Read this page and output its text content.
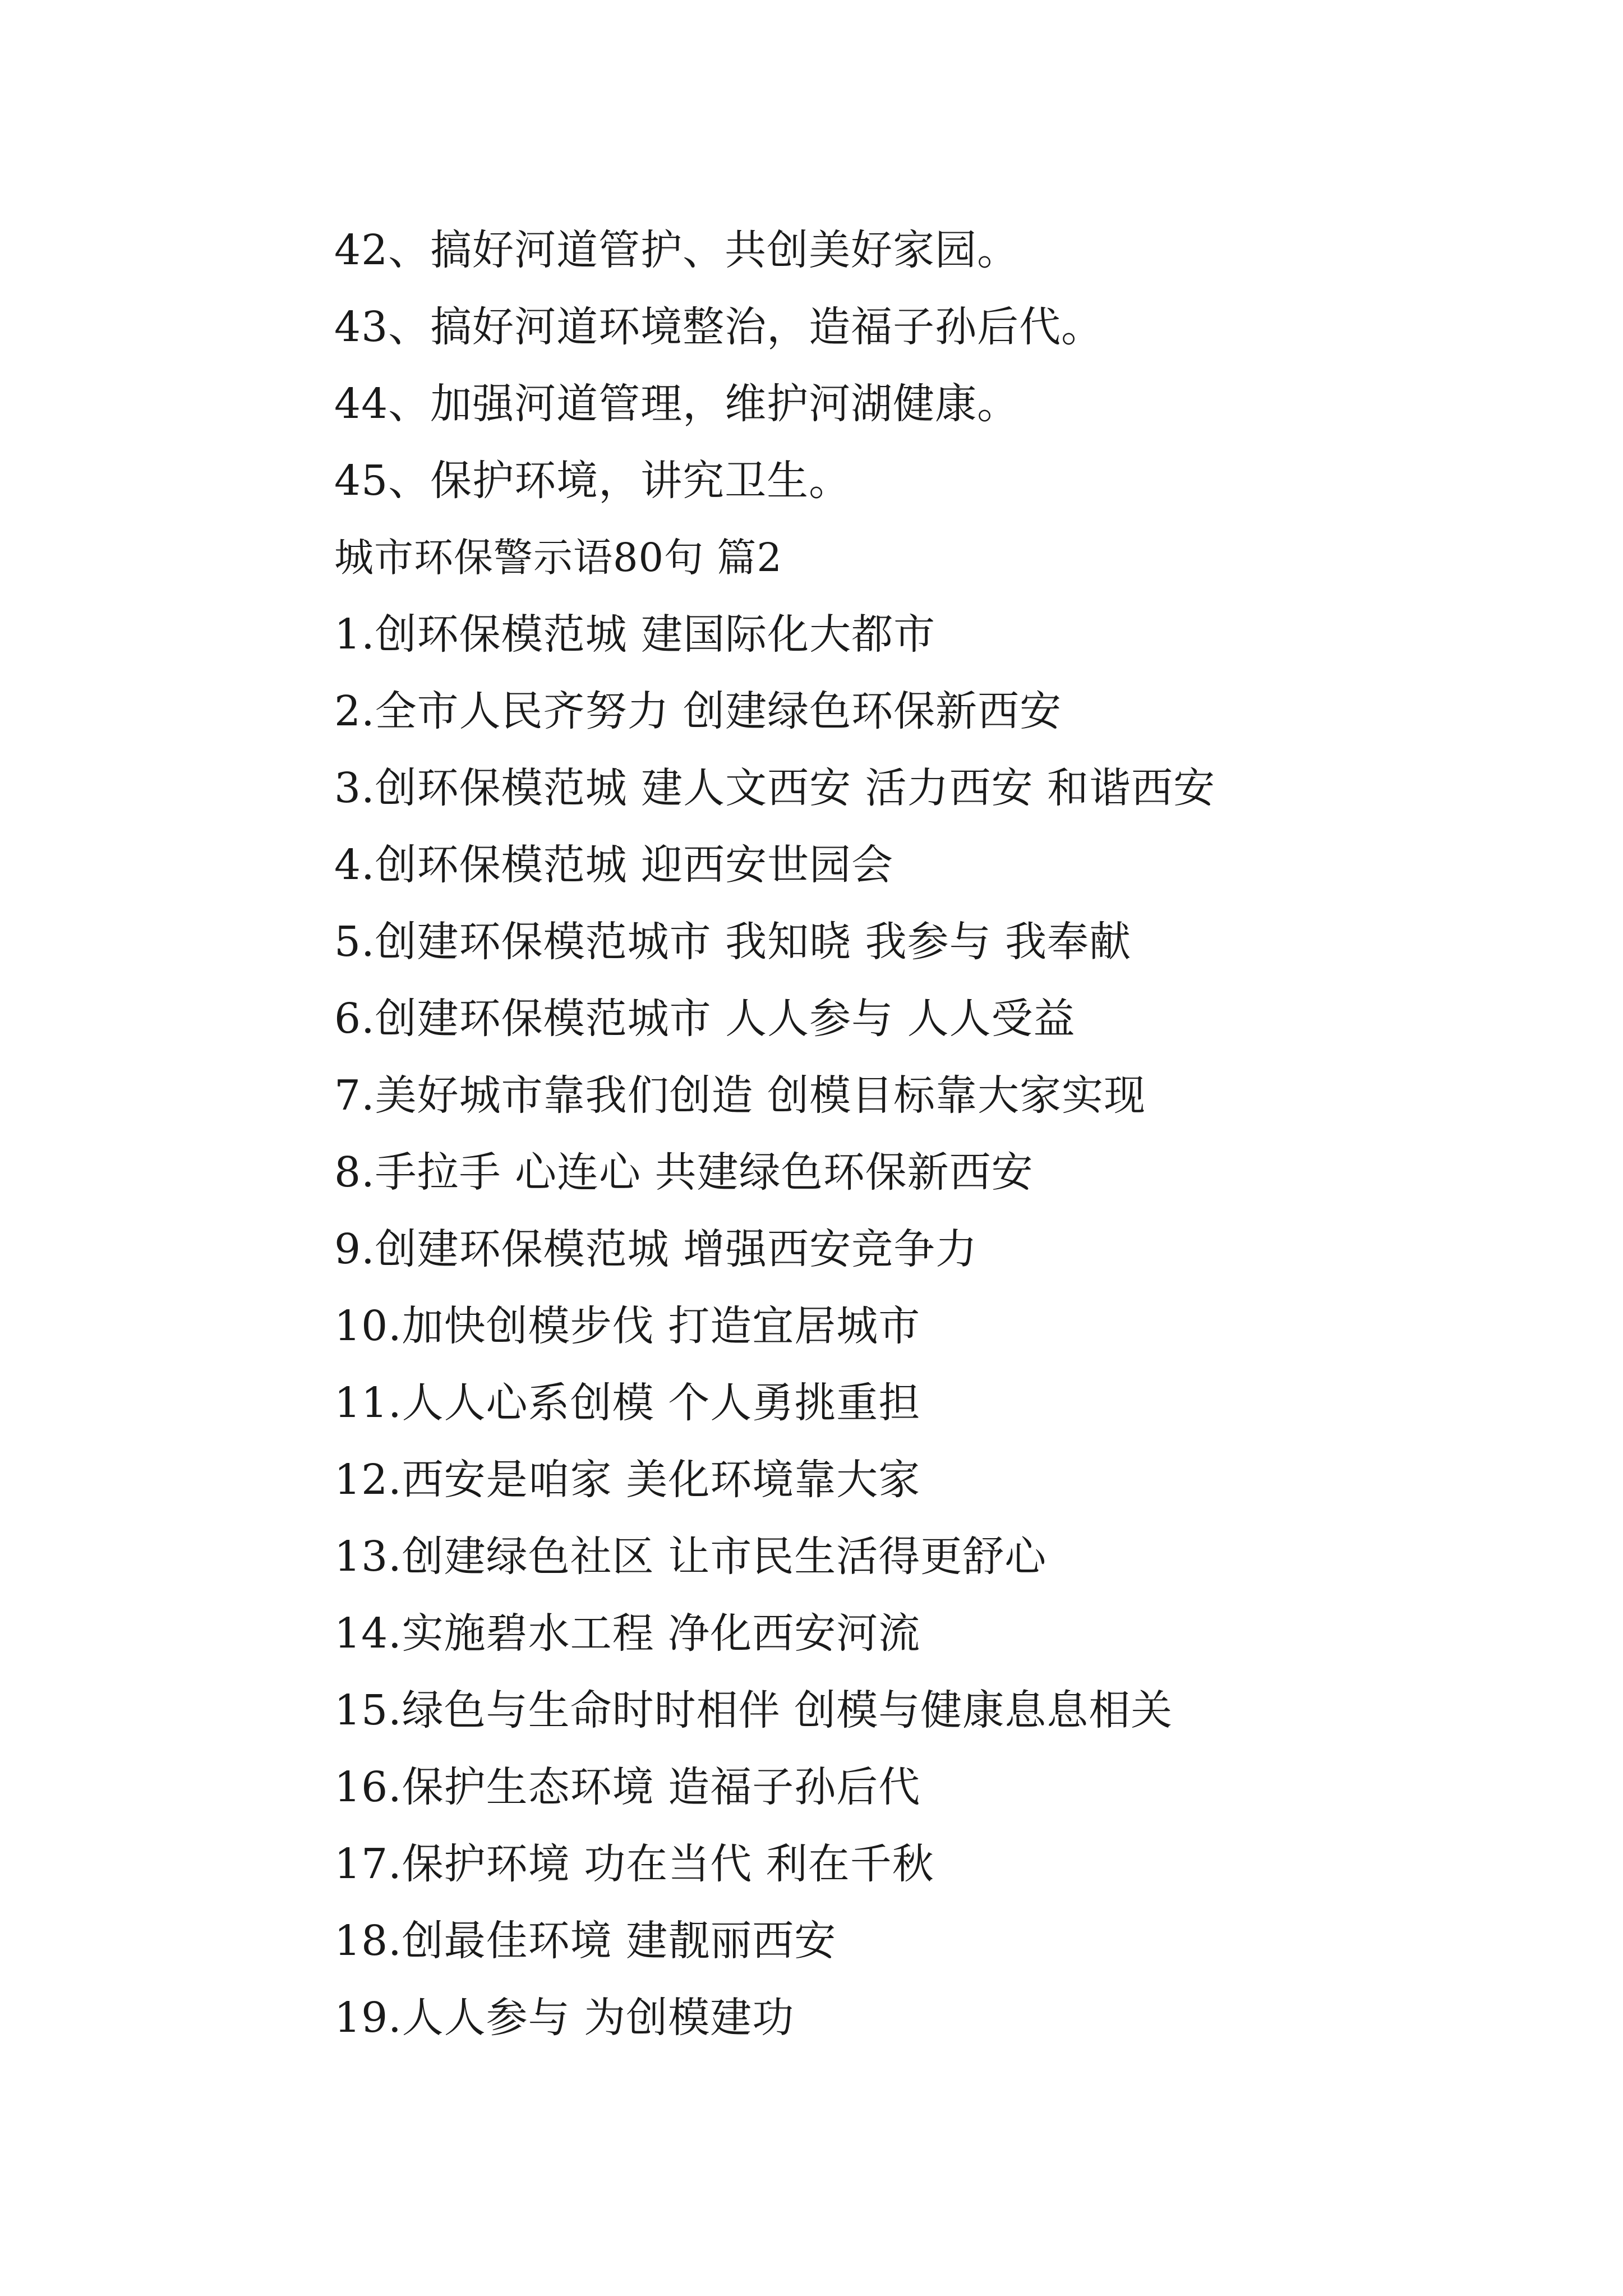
42、搞好河道管护、共创美好家园。
43、搞好河道环境整治，造福子孙后代。
44、加强河道管理，维护河湖健康。
45、保护环境，讲究卫生。
城市环保警示语80句 篇2
1.创环保模范城 建国际化大都市
2.全市人民齐努力 创建绿色环保新西安
3.创环保模范城 建人文西安 活力西安 和谐西安
4.创环保模范城 迎西安世园会
5.创建环保模范城市 我知晓 我参与 我奉献
6.创建环保模范城市 人人参与 人人受益
7.美好城市靠我们创造 创模目标靠大家实现
8.手拉手 心连心 共建绿色环保新西安
9.创建环保模范城 增强西安竞争力
10.加快创模步伐 打造宜居城市
11.人人心系创模 个人勇挑重担
12.西安是咱家 美化环境靠大家
13.创建绿色社区 让市民生活得更舒心
14.实施碧水工程 净化西安河流
15.绿色与生命时时相伴 创模与健康息息相关
16.保护生态环境 造福子孙后代
17.保护环境 功在当代 利在千秋
18.创最佳环境 建靓丽西安
19.人人参与 为创模建功
